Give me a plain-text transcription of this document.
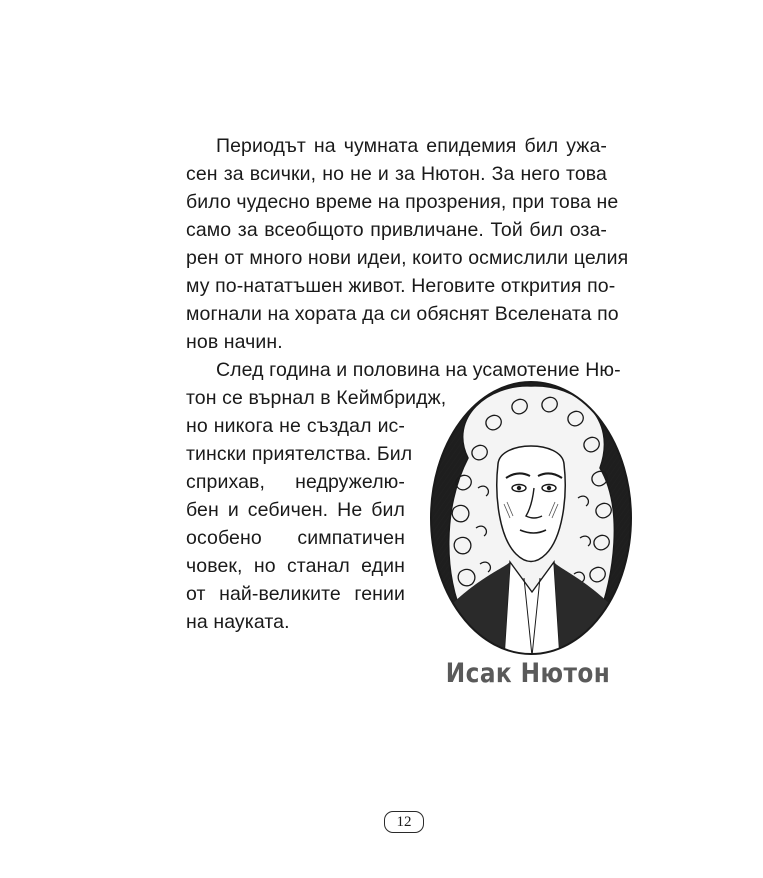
Периодът на чумната епидемия бил ужа-
сен за всички, но не и за Нютон. За него това
било чудесно време на прозрения, при това не
само за всеобщото привличане. Той бил оза-
рен от много нови идеи, които осмислили целия
му по-нататъшен живот. Неговите открития по-
могнали на хората да си обяснят Вселената по
нов начин.
След година и половина на усамотение Ню-
тон се върнал в Кеймбридж,
но никога не създал ис-
тински приятелства. Бил
сприхав, недружелю-
бен и себичен. Не бил
особено симпатичен
човек, но станал един
от най-великите гении
на науката.
Исак Нютон
12
